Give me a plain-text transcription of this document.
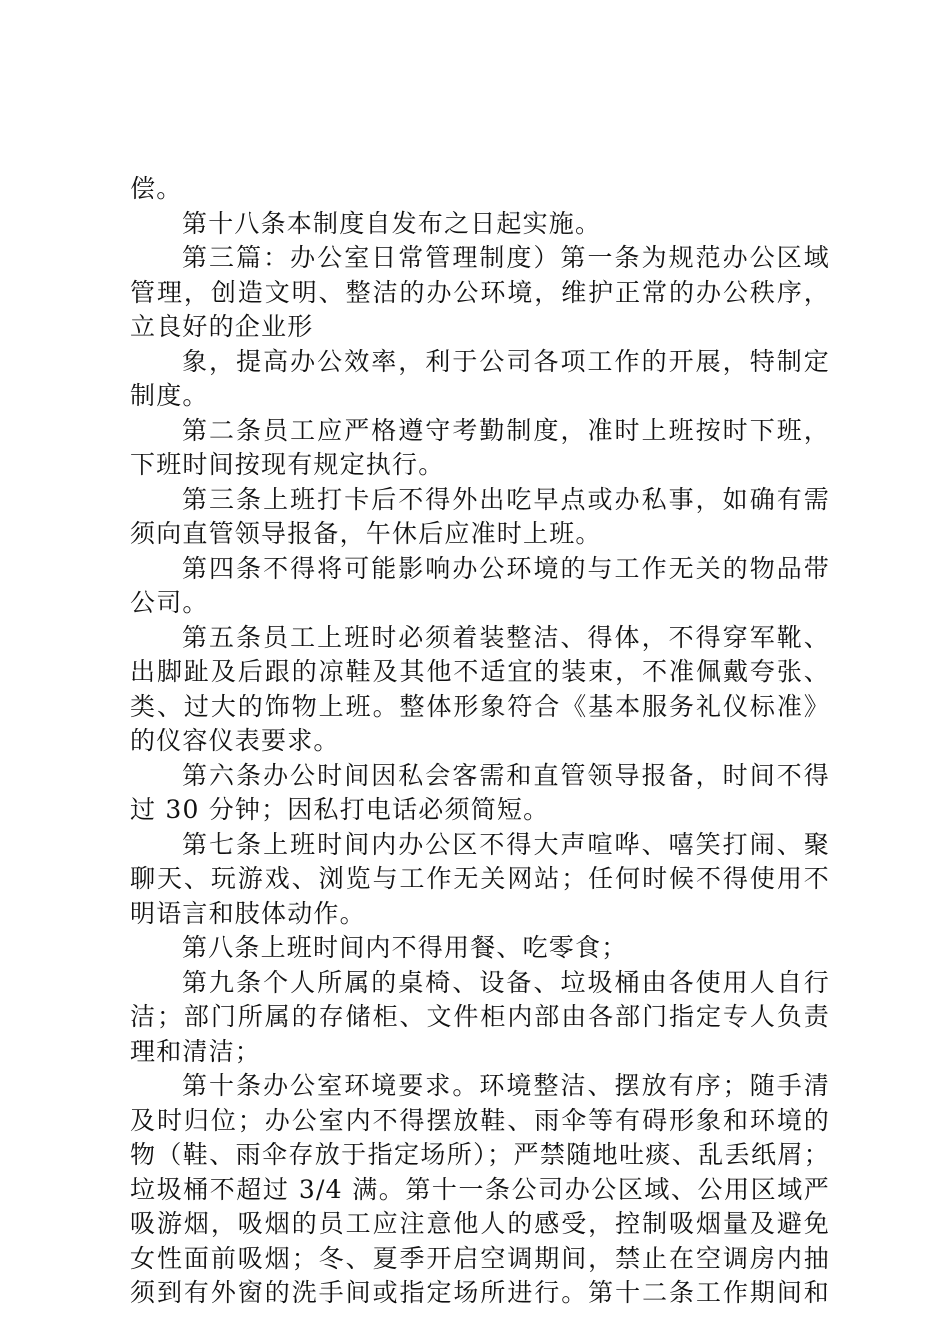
偿。
第十八条本制度自发布之日起实施。
第三篇：办公室日常管理制度）第一条为规范办公区域
管理，创造文明、整洁的办公环境，维护正常的办公秩序，
立良好的企业形
象，提高办公效率，利于公司各项工作的开展，特制定
制度。
第二条员工应严格遵守考勤制度，准时上班按时下班，
下班时间按现有规定执行。
第三条上班打卡后不得外出吃早点或办私事，如确有需
须向直管领导报备，午休后应准时上班。
第四条不得将可能影响办公环境的与工作无关的物品带
公司。
第五条员工上班时必须着装整洁、得体，不得穿军靴、
出脚趾及后跟的凉鞋及其他不适宜的装束，不准佩戴夸张、
类、过大的饰物上班。整体形象符合《基本服务礼仪标准》
的仪容仪表要求。
第六条办公时间因私会客需和直管领导报备，时间不得
过 30 分钟；因私打电话必须简短。
第七条上班时间内办公区不得大声喧哗、嘻笑打闹、聚
聊天、玩游戏、浏览与工作无关网站；任何时候不得使用不
明语言和肢体动作。
第八条上班时间内不得用餐、吃零食；
第九条个人所属的桌椅、设备、垃圾桶由各使用人自行
洁；部门所属的存储柜、文件柜内部由各部门指定专人负责
理和清洁；
第十条办公室环境要求。环境整洁、摆放有序；随手清
及时归位；办公室内不得摆放鞋、雨伞等有碍形象和环境的
物（鞋、雨伞存放于指定场所）；严禁随地吐痰、乱丢纸屑；
垃圾桶不超过 3/4 满。第十一条公司办公区域、公用区域严
吸游烟，吸烟的员工应注意他人的感受，控制吸烟量及避免
女性面前吸烟；冬、夏季开启空调期间，禁止在空调房内抽
须到有外窗的洗手间或指定场所进行。第十二条工作期间和
